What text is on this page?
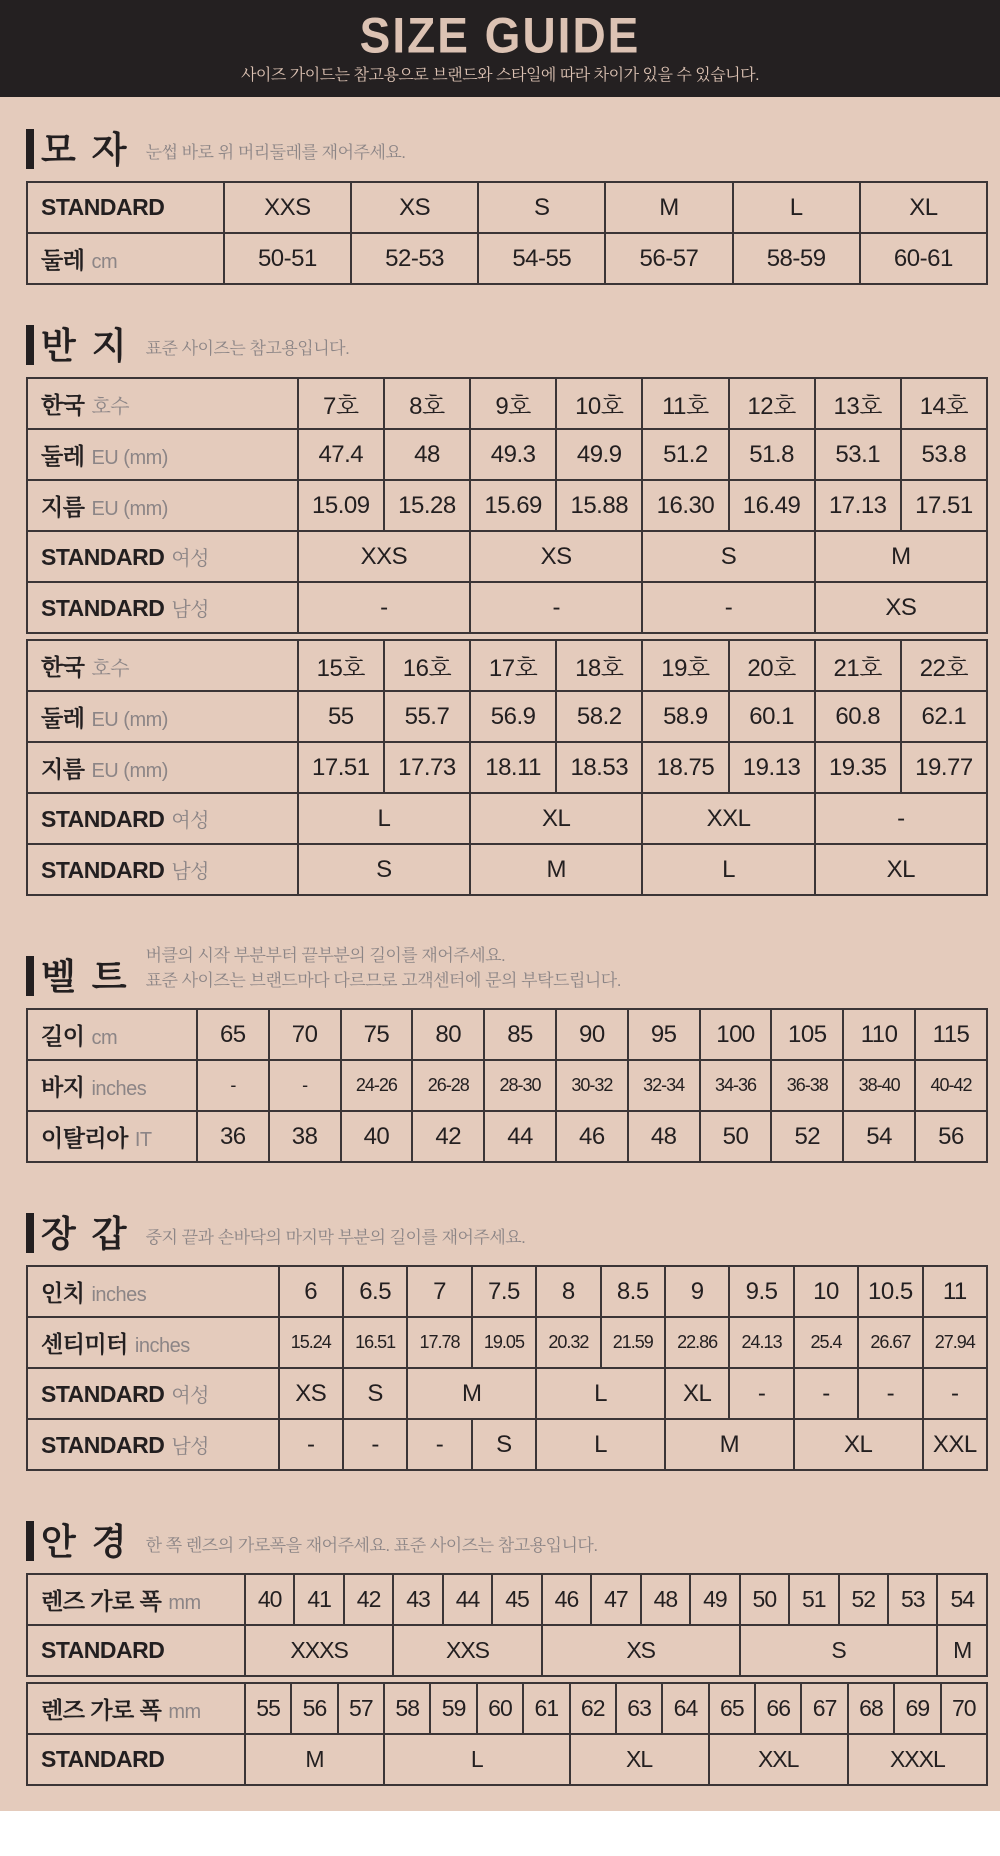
SIZE GUIDE
사이즈 가이드는 참고용으로 브랜드와 스타일에 따라 차이가 있을 수 있습니다.
모 자 눈썹 바로 위 머리둘레를 재어주세요.
STANDARD	XXS	XS	S	M	L	XL
둘레 cm	50-51	52-53	54-55	56-57	58-59	60-61
반 지 표준 사이즈는 참고용입니다.
한국 호수	7호	8호	9호	10호	11호	12호	13호	14호
둘레 EU (mm)	47.4	48	49.3	49.9	51.2	51.8	53.1	53.8
지름 EU (mm)	15.09	15.28	15.69	15.88	16.30	16.49	17.13	17.51
STANDARD 여성	XXS		XS		S		M	
STANDARD 남성	-		-		-		XS	
한국 호수	15호	16호	17호	18호	19호	20호	21호	22호
둘레 EU (mm)	55	55.7	56.9	58.2	58.9	60.1	60.8	62.1
지름 EU (mm)	17.51	17.73	18.11	18.53	18.75	19.13	19.35	19.77
STANDARD 여성	L		XL		XXL		-	
STANDARD 남성	S		M		L		XL	
벨 트
버클의 시작 부분부터 끝부분의 길이를 재어주세요.
표준 사이즈는 브랜드마다 다르므로 고객센터에 문의 부탁드립니다.
길이 cm	65	70	75	80	85	90	95	100	105	110	115
바지 inches	-	-	24-26	26-28	28-30	30-32	32-34	34-36	36-38	38-40	40-42
이탈리아 IT	36	38	40	42	44	46	48	50	52	54	56
장 갑 중지 끝과 손바닥의 마지막 부분의 길이를 재어주세요.
인치 inches	6	6.5	7	7.5	8	8.5	9	9.5	10	10.5	11
센티미터 inches	15.24	16.51	17.78	19.05	20.32	21.59	22.86	24.13	25.4	26.67	27.94
STANDARD 여성	XS	S	M		L		XL	-	-	-	-
STANDARD 남성	-	-	-	S	L		M		XL		XXL
안 경 한 쪽 렌즈의 가로폭을 재어주세요. 표준 사이즈는 참고용입니다.
렌즈 가로 폭 mm	40	41	42	43	44	45	46	47	48	49	50	51	52	53	54
STANDARD	XXXS			XXS			XS				S				M
렌즈 가로 폭 mm	55	56	57	58	59	60	61	62	63	64	65	66	67	68	69	70
STANDARD	M			L				XL			XXL			XXXL		
